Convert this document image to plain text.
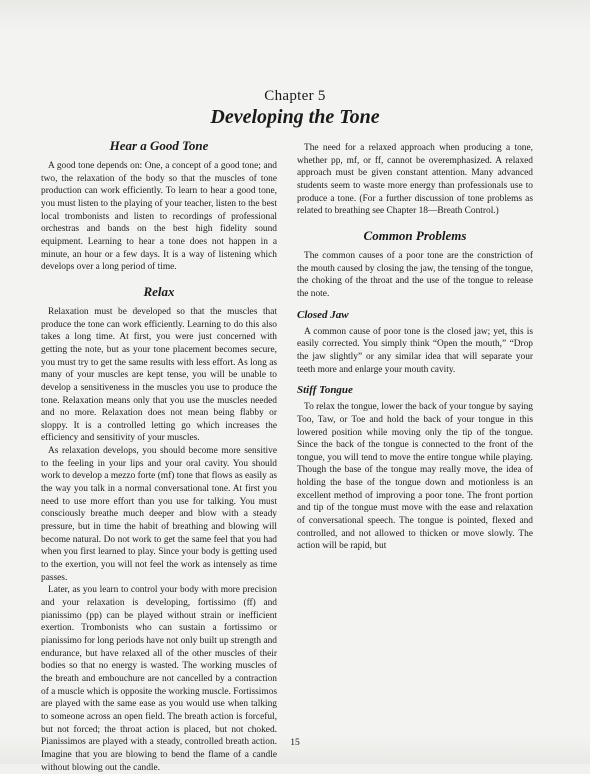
Chapter 5
Developing the Tone
Hear a Good Tone

A good tone depends on: One, a concept of a good tone; and two, the relaxation of the body so that the muscles of tone production can work efficiently. To learn to hear a good tone, you must listen to the playing of your teacher, listen to the best local trombonists and listen to recordings of professional orchestras and bands on the best high fidelity sound equipment. Learning to hear a tone does not happen in a minute, an hour or a few days. It is a way of listening which develops over a long period of time.

Relax

Relaxation must be developed so that the muscles that produce the tone can work efficiently. Learning to do this also takes a long time. At first, you were just concerned with getting the note, but as your tone placement becomes secure, you must try to get the same results with less effort. As long as many of your muscles are kept tense, you will be unable to develop a sensitiveness in the muscles you use to produce the tone. Relaxation means only that you use the muscles needed and no more. Relaxation does not mean being flabby or sloppy. It is a controlled letting go which increases the efficiency and sensitivity of your muscles.

As relaxation develops, you should become more sensitive to the feeling in your lips and your oral cavity. You should work to develop a mezzo forte (mf) tone that flows as easily as the way you talk in a normal conversational tone. At first you need to use more effort than you use for talking. You must consciously breathe much deeper and blow with a steady pressure, but in time the habit of breathing and blowing will become natural. Do not work to get the same feel that you had when you first learned to play. Since your body is getting used to the exertion, you will not feel the work as intensely as time passes.

Later, as you learn to control your body with more precision and your relaxation is developing, fortissimo (ff) and pianissimo (pp) can be played without strain or inefficient exertion. Trombonists who can sustain a fortissimo or pianissimo for long periods have not only built up strength and endurance, but have relaxed all of the other muscles of their bodies so that no energy is wasted. The working muscles of the breath and embouchure are not cancelled by a contraction of a muscle which is opposite the working muscle. Fortissimos are played with the same ease as you would use when talking to someone across an open field. The breath action is forceful, but not forced; the throat action is placed, but not choked. Pianissimos are played with a steady, controlled breath action. Imagine that you are blowing to bend the flame of a candle without blowing out the candle.

The need for a relaxed approach when producing a tone, whether pp, mf, or ff, cannot be overemphasized. A relaxed approach must be given constant attention. Many advanced students seem to waste more energy than professionals use to produce a tone. (For a further discussion of tone problems as related to breathing see Chapter 18—Breath Control.)

Common Problems

The common causes of a poor tone are the constriction of the mouth caused by closing the jaw, the tensing of the tongue, the choking of the throat and the use of the tongue to release the note.

Closed Jaw

A common cause of poor tone is the closed jaw; yet, this is easily corrected. You simply think “Open the mouth,” “Drop the jaw slightly” or any similar idea that will separate your teeth more and enlarge your mouth cavity.

Stiff Tongue

To relax the tongue, lower the back of your tongue by saying Too, Taw, or Toe and hold the back of your tongue in this lowered position while moving only the tip of the tongue. Since the back of the tongue is connected to the front of the tongue, you will tend to move the entire tongue while playing. Though the base of the tongue may really move, the idea of holding the base of the tongue down and motionless is an excellent method of improving a poor tone. The front portion and tip of the tongue must move with the ease and relaxation of conversational speech. The tongue is pointed, flexed and controlled, and not allowed to thicken or move slowly. The action will be rapid, but

15
